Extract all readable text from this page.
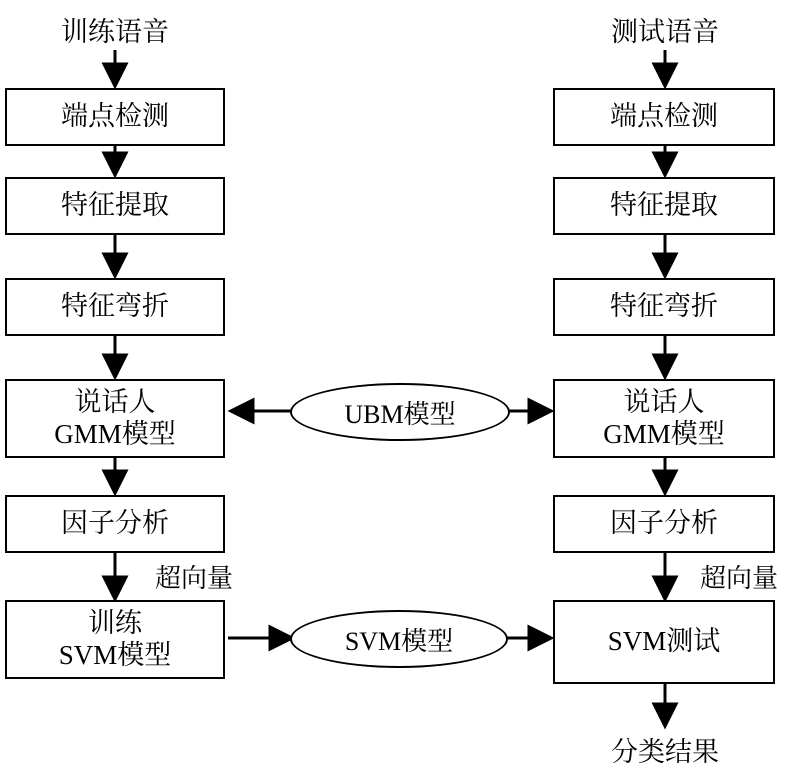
训练语音
端点检测
特征提取
特征弯折
说话人
GMM模型
因子分析
超向量
训练
SVM模型
测试语音
端点检测
特征提取
特征弯折
说话人
GMM模型
因子分析
超向量
SVM测试
分类结果
UBM模型
SVM模型
